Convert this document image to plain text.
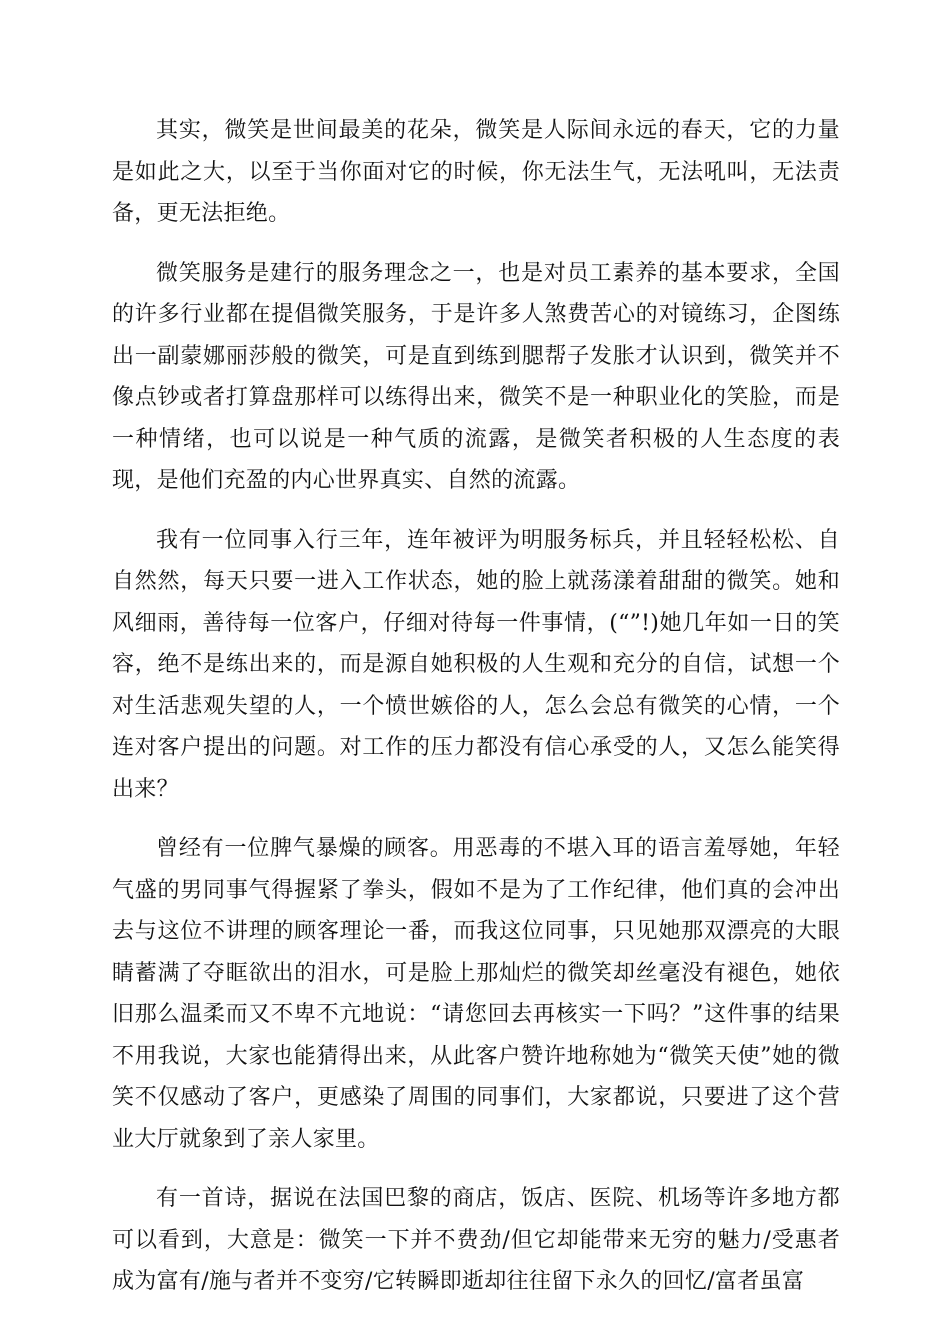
其实，微笑是世间最美的花朵，微笑是人际间永远的春天，它的力量是如此之大，以至于当你面对它的时候，你无法生气，无法吼叫，无法责备，更无法拒绝。

微笑服务是建行的服务理念之一，也是对员工素养的基本要求，全国的许多行业都在提倡微笑服务，于是许多人煞费苦心的对镜练习，企图练出一副蒙娜丽莎般的微笑，可是直到练到腮帮子发胀才认识到，微笑并不像点钞或者打算盘那样可以练得出来，微笑不是一种职业化的笑脸，而是一种情绪，也可以说是一种气质的流露，是微笑者积极的人生态度的表现，是他们充盈的内心世界真实、自然的流露。

我有一位同事入行三年，连年被评为明服务标兵，并且轻轻松松、自自然然，每天只要一进入工作状态，她的脸上就荡漾着甜甜的微笑。她和风细雨，善待每一位客户，仔细对待每一件事情，(“”!)她几年如一日的笑容，绝不是练出来的，而是源自她积极的人生观和充分的自信，试想一个对生活悲观失望的人，一个愤世嫉俗的人，怎么会总有微笑的心情，一个连对客户提出的问题。对工作的压力都没有信心承受的人，又怎么能笑得出来？

曾经有一位脾气暴燥的顾客。用恶毒的不堪入耳的语言羞辱她，年轻气盛的男同事气得握紧了拳头，假如不是为了工作纪律，他们真的会冲出去与这位不讲理的顾客理论一番，而我这位同事，只见她那双漂亮的大眼睛蓄满了夺眶欲出的泪水，可是脸上那灿烂的微笑却丝毫没有褪色，她依旧那么温柔而又不卑不亢地说：“请您回去再核实一下吗？”这件事的结果不用我说，大家也能猜得出来，从此客户赞许地称她为“微笑天使”她的微笑不仅感动了客户，更感染了周围的同事们，大家都说，只要进了这个营业大厅就象到了亲人家里。

有一首诗，据说在法国巴黎的商店，饭店、医院、机场等许多地方都可以看到，大意是：微笑一下并不费劲/但它却能带来无穷的魅力/受惠者成为富有/施与者并不变穷/它转瞬即逝却往往留下永久的回忆/富者虽富
